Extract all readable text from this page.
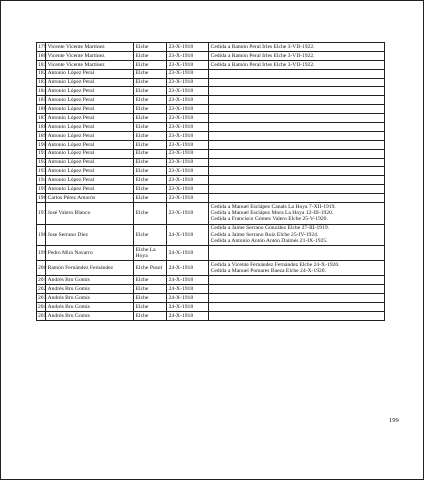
179	Vicente Vicente Martínez	Elche	23-X-1918	Cedida a Ramón Peral Irles Elche 3-VII-1922.

180	Vicente Vicente Martínez	Elche	23-X-1918	Cedida a Ramón Peral Irles Elche 3-VII-1922.

181	Vicente Vicente Martínez	Elche	23-X-1918	Cedida a Ramón Peral Irles Elche 3-VII-1922.

182	Antonio López Peral	Elche	23-X-1918	
183	Antonio López Peral	Elche	23-X-1918	
184	Antonio López Peral	Elche	23-X-1918	
185	Antonio López Peral	Elche	23-X-1918	
186	Antonio López Peral	Elche	23-X-1918	
187	Antonio López Peral	Elche	23-X-1918	
188	Antonio López Peral	Elche	23-X-1918	
189	Antonio López Peral	Elche	23-X-1918	
190	Antonio López Peral	Elche	23-X-1918	
191	Antonio López Peral	Elche	23-X-1918	
192	Antonio López Peral	Elche	23-X-1918	
193	Antonio López Peral	Elche	23-X-1918	
194	Antonio López Peral	Elche	23-X-1918	
195	Antonio López Peral	Elche	23-X-1918	
196	Carlos Pérez Amorós	Elche	23-X-1918	
197	José Valero Blanco	Elche	23-X-1918	Cedida a Manuel Esclápez Canals La Hoya 7-XII-1919.
Cedida a Manuel Esclápez Mora La Hoya 12-III-1920.
Cedida a Francisco Gómez Valero Elche 25-V-1920.

198	Jose Serrano Díez	Elche	24-X-1918	Cedida a Jaime Serrano González Elche 27-III-1919.
Cedida a Jaime Serrano Ruiz Elche 25-IV-1924.
Cedida a Antonio Antón Antón Daimés 21-IX-1925.

199	Pedro Mira Navarro	Elche La Hoya	24-X-1918	
200	Ramón Fernández Fernández	Elche Pusol	24-X-1918	Cedida a Vicente Fernández Fernández Elche 24-X-1920.
Cedida a Manuel Pomares Baeza Elche 24-X-1920.

201	Andrés Bru Gomis	Elche	24-X-1918	
202	Andrés Bru Gomis	Elche	24-X-1918	
203	Andrés Bru Gomis	Elche	24-X-1918	
204	Andrés Bru Gomis	Elche	24-X-1918	
205	Andrés Bru Gomis	Elche	24-X-1918	
199
